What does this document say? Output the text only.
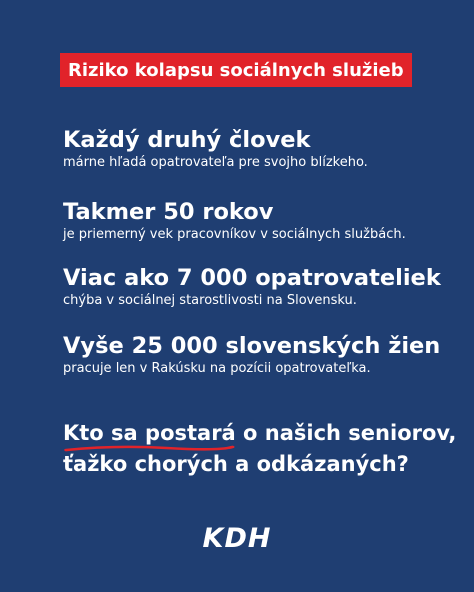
Riziko kolapsu sociálnych služieb
Každý druhý človek
márne hľadá opatrovateľa pre svojho blízkeho.
Takmer 50 rokov
je priemerný vek pracovníkov v sociálnych službách.
Viac ako 7 000 opatrovateliek
chýba v sociálnej starostlivosti na Slovensku.
Vyše 25 000 slovenských žien
pracuje len v Rakúsku na pozícii opatrovateľka.
Kto sa postará
o našich seniorov,
ťažko chorých a odkázaných?
KDH
